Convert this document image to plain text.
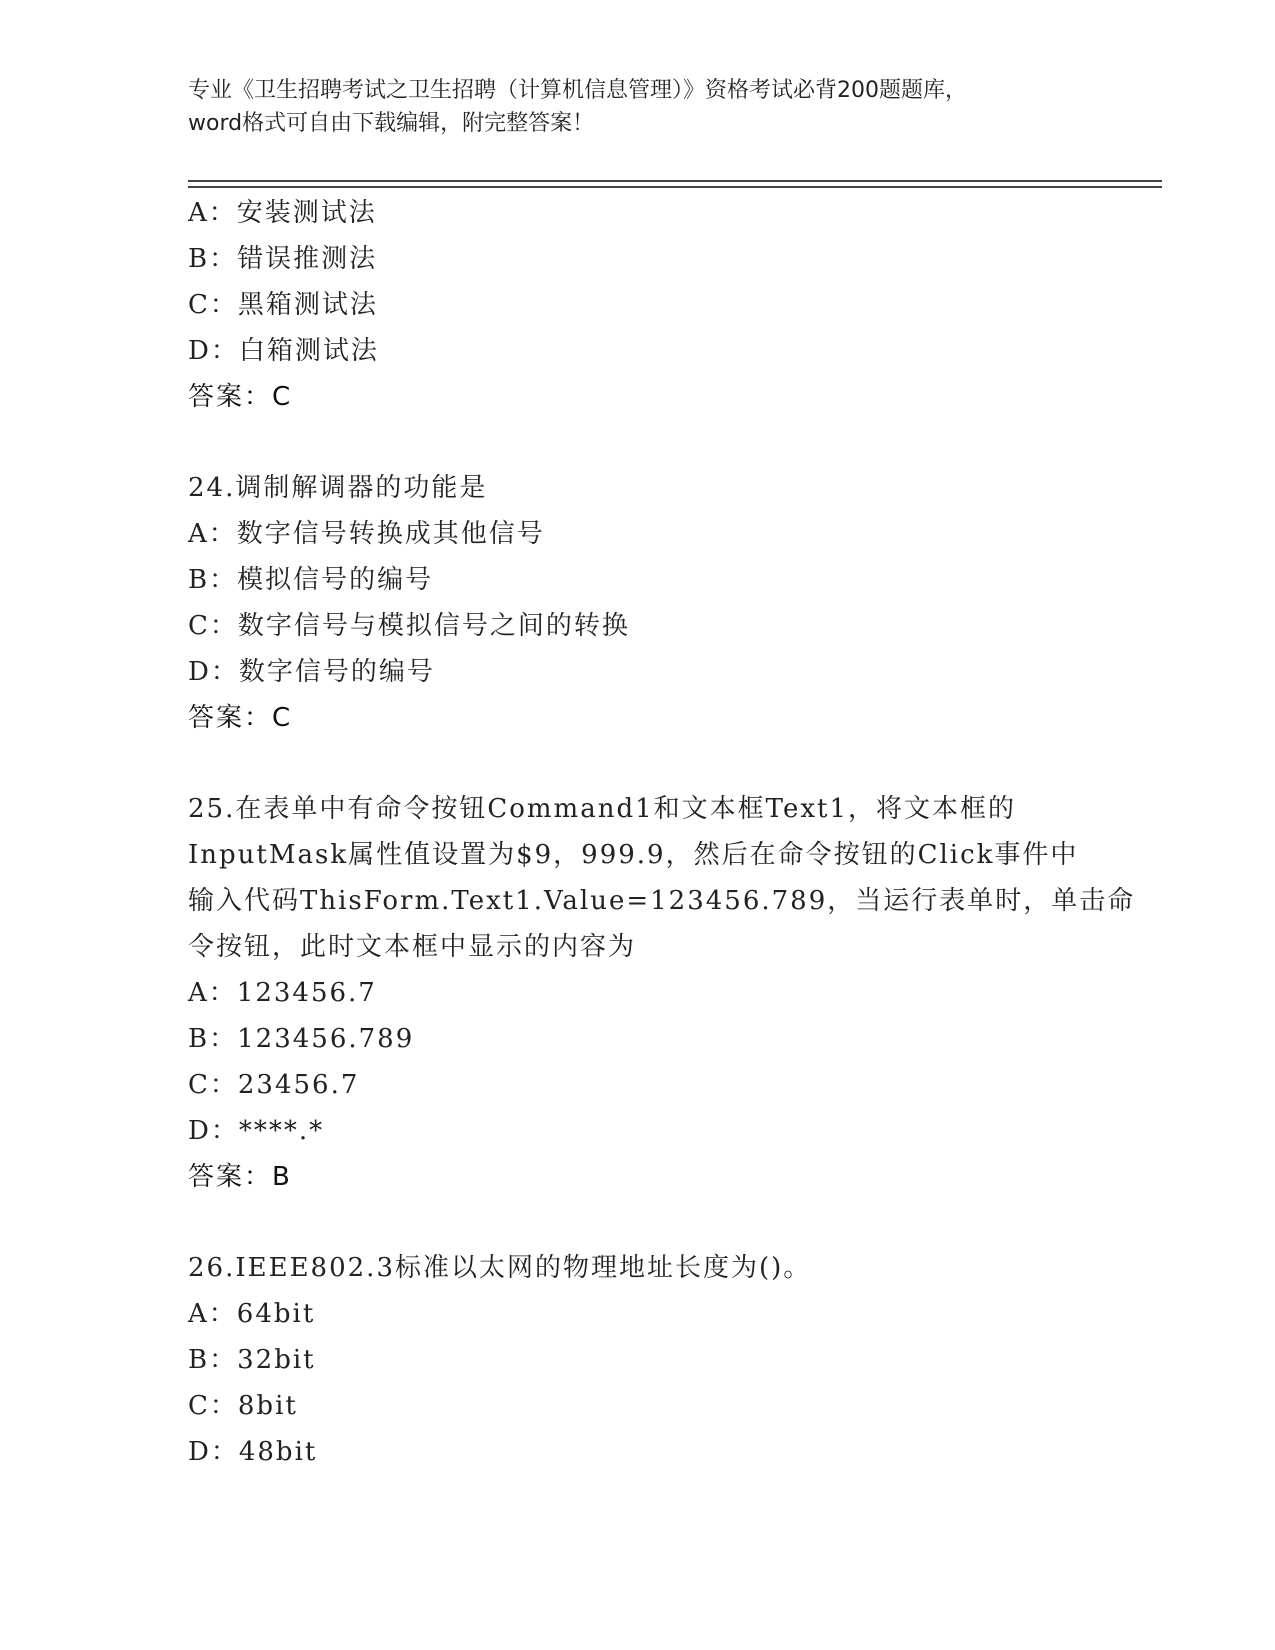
专业《卫生招聘考试之卫生招聘（计算机信息管理）》资格考试必背200题题库，
word格式可自由下载编辑，附完整答案！
A：安装测试法
B：错误推测法
C：黑箱测试法
D：白箱测试法
答案：C
24.调制解调器的功能是
A：数字信号转换成其他信号
B：模拟信号的编号
C：数字信号与模拟信号之间的转换
D：数字信号的编号
答案：C
25.在表单中有命令按钮Command1和文本框Text1，将文本框的
InputMask属性值设置为$9，999.9，然后在命令按钮的Click事件中
输入代码ThisForm.Text1.Value=123456.789，当运行表单时，单击命
令按钮，此时文本框中显示的内容为
A：123456.7
B：123456.789
C：23456.7
D：****.*
答案：B
26.IEEE802.3标准以太网的物理地址长度为()。
A：64bit
B：32bit
C：8bit
D：48bit
